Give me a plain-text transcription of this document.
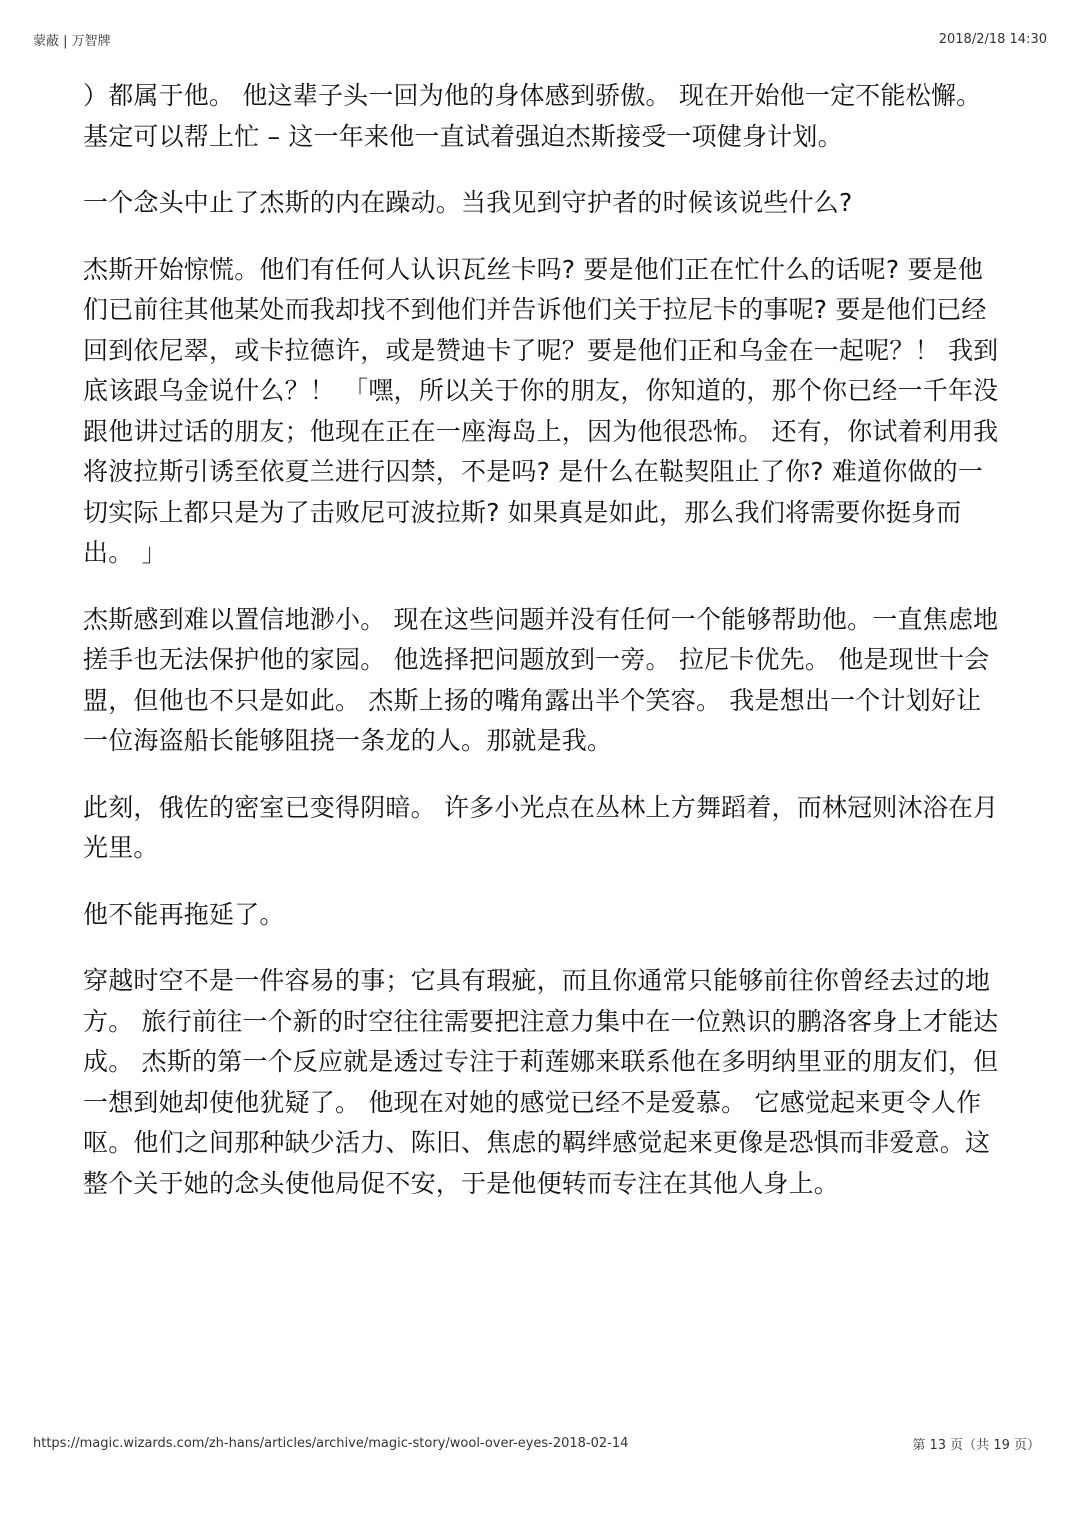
蒙蔽 | 万智牌	2018/2/18 14:30

）都属于他。 他这辈子头一回为他的身体感到骄傲。 现在开始他一定不能松懈。 基定可以帮上忙 – 这一年来他一直试着强迫杰斯接受一项健身计划。

一个念头中止了杰斯的内在躁动。当我见到守护者的时候该说些什么?

杰斯开始惊慌。他们有任何人认识瓦丝卡吗? 要是他们正在忙什么的话呢? 要是他们已前往其他某处而我却找不到他们并告诉他们关于拉尼卡的事呢? 要是他们已经回到依尼翠，或卡拉德许，或是赞迪卡了呢？要是他们正和乌金在一起呢？！ 我到底该跟乌金说什么？！ 「嘿，所以关于你的朋友，你知道的，那个你已经一千年没跟他讲过话的朋友；他现在正在一座海岛上，因为他很恐怖。 还有，你试着利用我将波拉斯引诱至依夏兰进行囚禁，不是吗? 是什么在鞑契阻止了你? 难道你做的一切实际上都只是为了击败尼可波拉斯? 如果真是如此，那么我们将需要你挺身而出。 」

杰斯感到难以置信地渺小。 现在这些问题并没有任何一个能够帮助他。一直焦虑地搓手也无法保护他的家园。 他选择把问题放到一旁。 拉尼卡优先。 他是现世十会盟，但他也不只是如此。 杰斯上扬的嘴角露出半个笑容。 我是想出一个计划好让一位海盗船长能够阻挠一条龙的人。那就是我。

此刻，俄佐的密室已变得阴暗。 许多小光点在丛林上方舞蹈着，而林冠则沐浴在月光里。

他不能再拖延了。

穿越时空不是一件容易的事；它具有瑕疵，而且你通常只能够前往你曾经去过的地方。 旅行前往一个新的时空往往需要把注意力集中在一位熟识的鹏洛客身上才能达成。 杰斯的第一个反应就是透过专注于莉莲娜来联系他在多明纳里亚的朋友们，但一想到她却使他犹疑了。 他现在对她的感觉已经不是爱慕。 它感觉起来更令人作呕。他们之间那种缺少活力、陈旧、焦虑的羁绊感觉起来更像是恐惧而非爱意。这整个关于她的念头使他局促不安，于是他便转而专注在其他人身上。

https://magic.wizards.com/zh-hans/articles/archive/magic-story/wool-over-eyes-2018-02-14	第 13 页（共 19 页）
